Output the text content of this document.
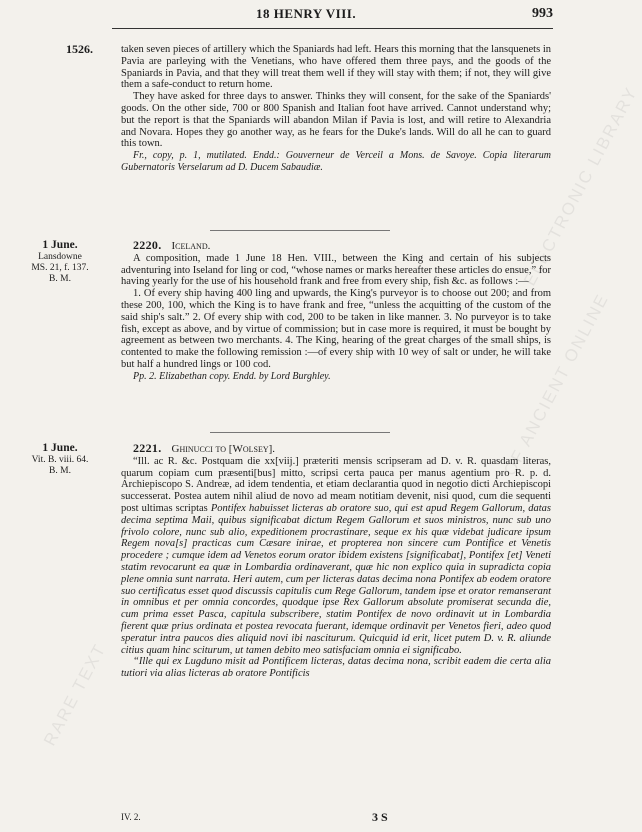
ELECTRONIC LIBRARY
OF ANCIENT ONLINE
RARE TEXT
18 HENRY VIII.	993
1526.	taken seven pieces of artillery which the Spaniards had left. Hears this morning that the lansquenets in Pavia are parleying with the Venetians, who have offered them three pays, and the goods of the Spaniards in Pavia, and that they will treat them well if they will stay with them; if not, they will give them a safe-conduct to return home.

They have asked for three days to answer. Thinks they will consent, for the sake of the Spaniards' goods. On the other side, 700 or 800 Spanish and Italian foot have arrived. Cannot understand why; but the report is that the Spaniards will abandon Milan if Pavia is lost, and will retire to Alexandria and Novara. Hopes they go another way, as he fears for the Duke's lands. Will do all he can to guard this town.

Fr., copy, p. 1, mutilated. Endd.: Gouverneur de Verceil a Mons. de Savoye. Copia literarum Gubernatoris Verselarum ad D. Ducem Sabaudiæ.

1 June.
Lansdowne
MS. 21, f. 137.
B. M.

2220. Iceland.

A composition, made 1 June 18 Hen. VIII., between the King and certain of his subjects adventuring into Iseland for ling or cod, “whose names or marks hereafter these articles do ensue,” for having yearly for the use of his household frank and free from every ship, fish &c. as follows :—

1. Of every ship having 400 ling and upwards, the King's purveyor is to choose out 200; and from these 200, 100, which the King is to have frank and free, “unless the acquitting of the custom of the said ship's salt.” 2. Of every ship with cod, 200 to be taken in like manner. 3. No purveyor is to take fish, except as above, and by virtue of commission; but in case more is required, it must be bought by agreement as between two merchants. 4. The King, hearing of the great charges of the small ships, is contented to make the following remission :—of every ship with 10 wey of salt or under, he will take but half a hundred lings or 100 cod.

Pp. 2. Elizabethan copy. Endd. by Lord Burghley.

1 June.
Vit. B. viii. 64.
B. M.

2221. Ghinucci to [Wolsey].

“Ill. ac R. &c. Postquam die xx[viij.] præteriti mensis scripseram ad D. v. R. quasdam literas, quarum copiam cum præsenti[bus] mitto, scripsi certa pauca per manus agentium pro R. p. d. Archiepiscopo S. Andreæ, ad idem tendentia, et etiam declarantia quod in negotio dicti Archiepiscopi successerat. Postea autem nihil aliud de novo ad meam notitiam devenit, nisi quod, cum die sequenti post ultimas scriptas Pontifex habuisset licteras ab oratore suo, qui est apud Regem Gallorum, datas decima septima Maii, quibus significabat dictum Regem Gallorum et suos ministros, nunc sub uno frivolo colore, nunc sub alio, expeditionem procrastinare, seque ex his quæ videbat judicare ipsum Regem nova[s] practicas cum Cæsare inirae, et propterea non sincere cum Pontifice et Venetis procedere ; cumque idem ad Venetos eorum orator ibidem existens [significabat], Pontifex [et] Veneti statim revocarunt ea quæ in Lombardia ordinaverant, quæ hic non explico quia in supradicta copia plene omnia sunt narrata. Heri autem, cum per licteras datas decima nona Pontifex ab eodem oratore suo certificatus esset quod discussis capitulis cum Rege Gallorum, tandem ipse et orator remanserant in omnibus et per omnia concordes, quodque ipse Rex Gallorum absolute promiserat secunda die, cum prima esset Pasca, capitula subscribere, statim Pontifex de novo ordinavit ut in Lombardia fierent quæ prius ordinata et postea revocata fuerant, idemque ordinavit per Venetos fieri, adeo quod speratur intra paucos dies aliquid novi ibi nasciturum. Quicquid id erit, licet putem D. v. R. aliunde citius quam hinc sciturum, ut tamen debito meo satisfaciam omnia ei significabo.

“Ille qui ex Lugduno misit ad Pontificem licteras, datas decima nona, scribit eadem die certa alia tutiori via alias licteras ab oratore Pontificis

IV. 2.	3 S
